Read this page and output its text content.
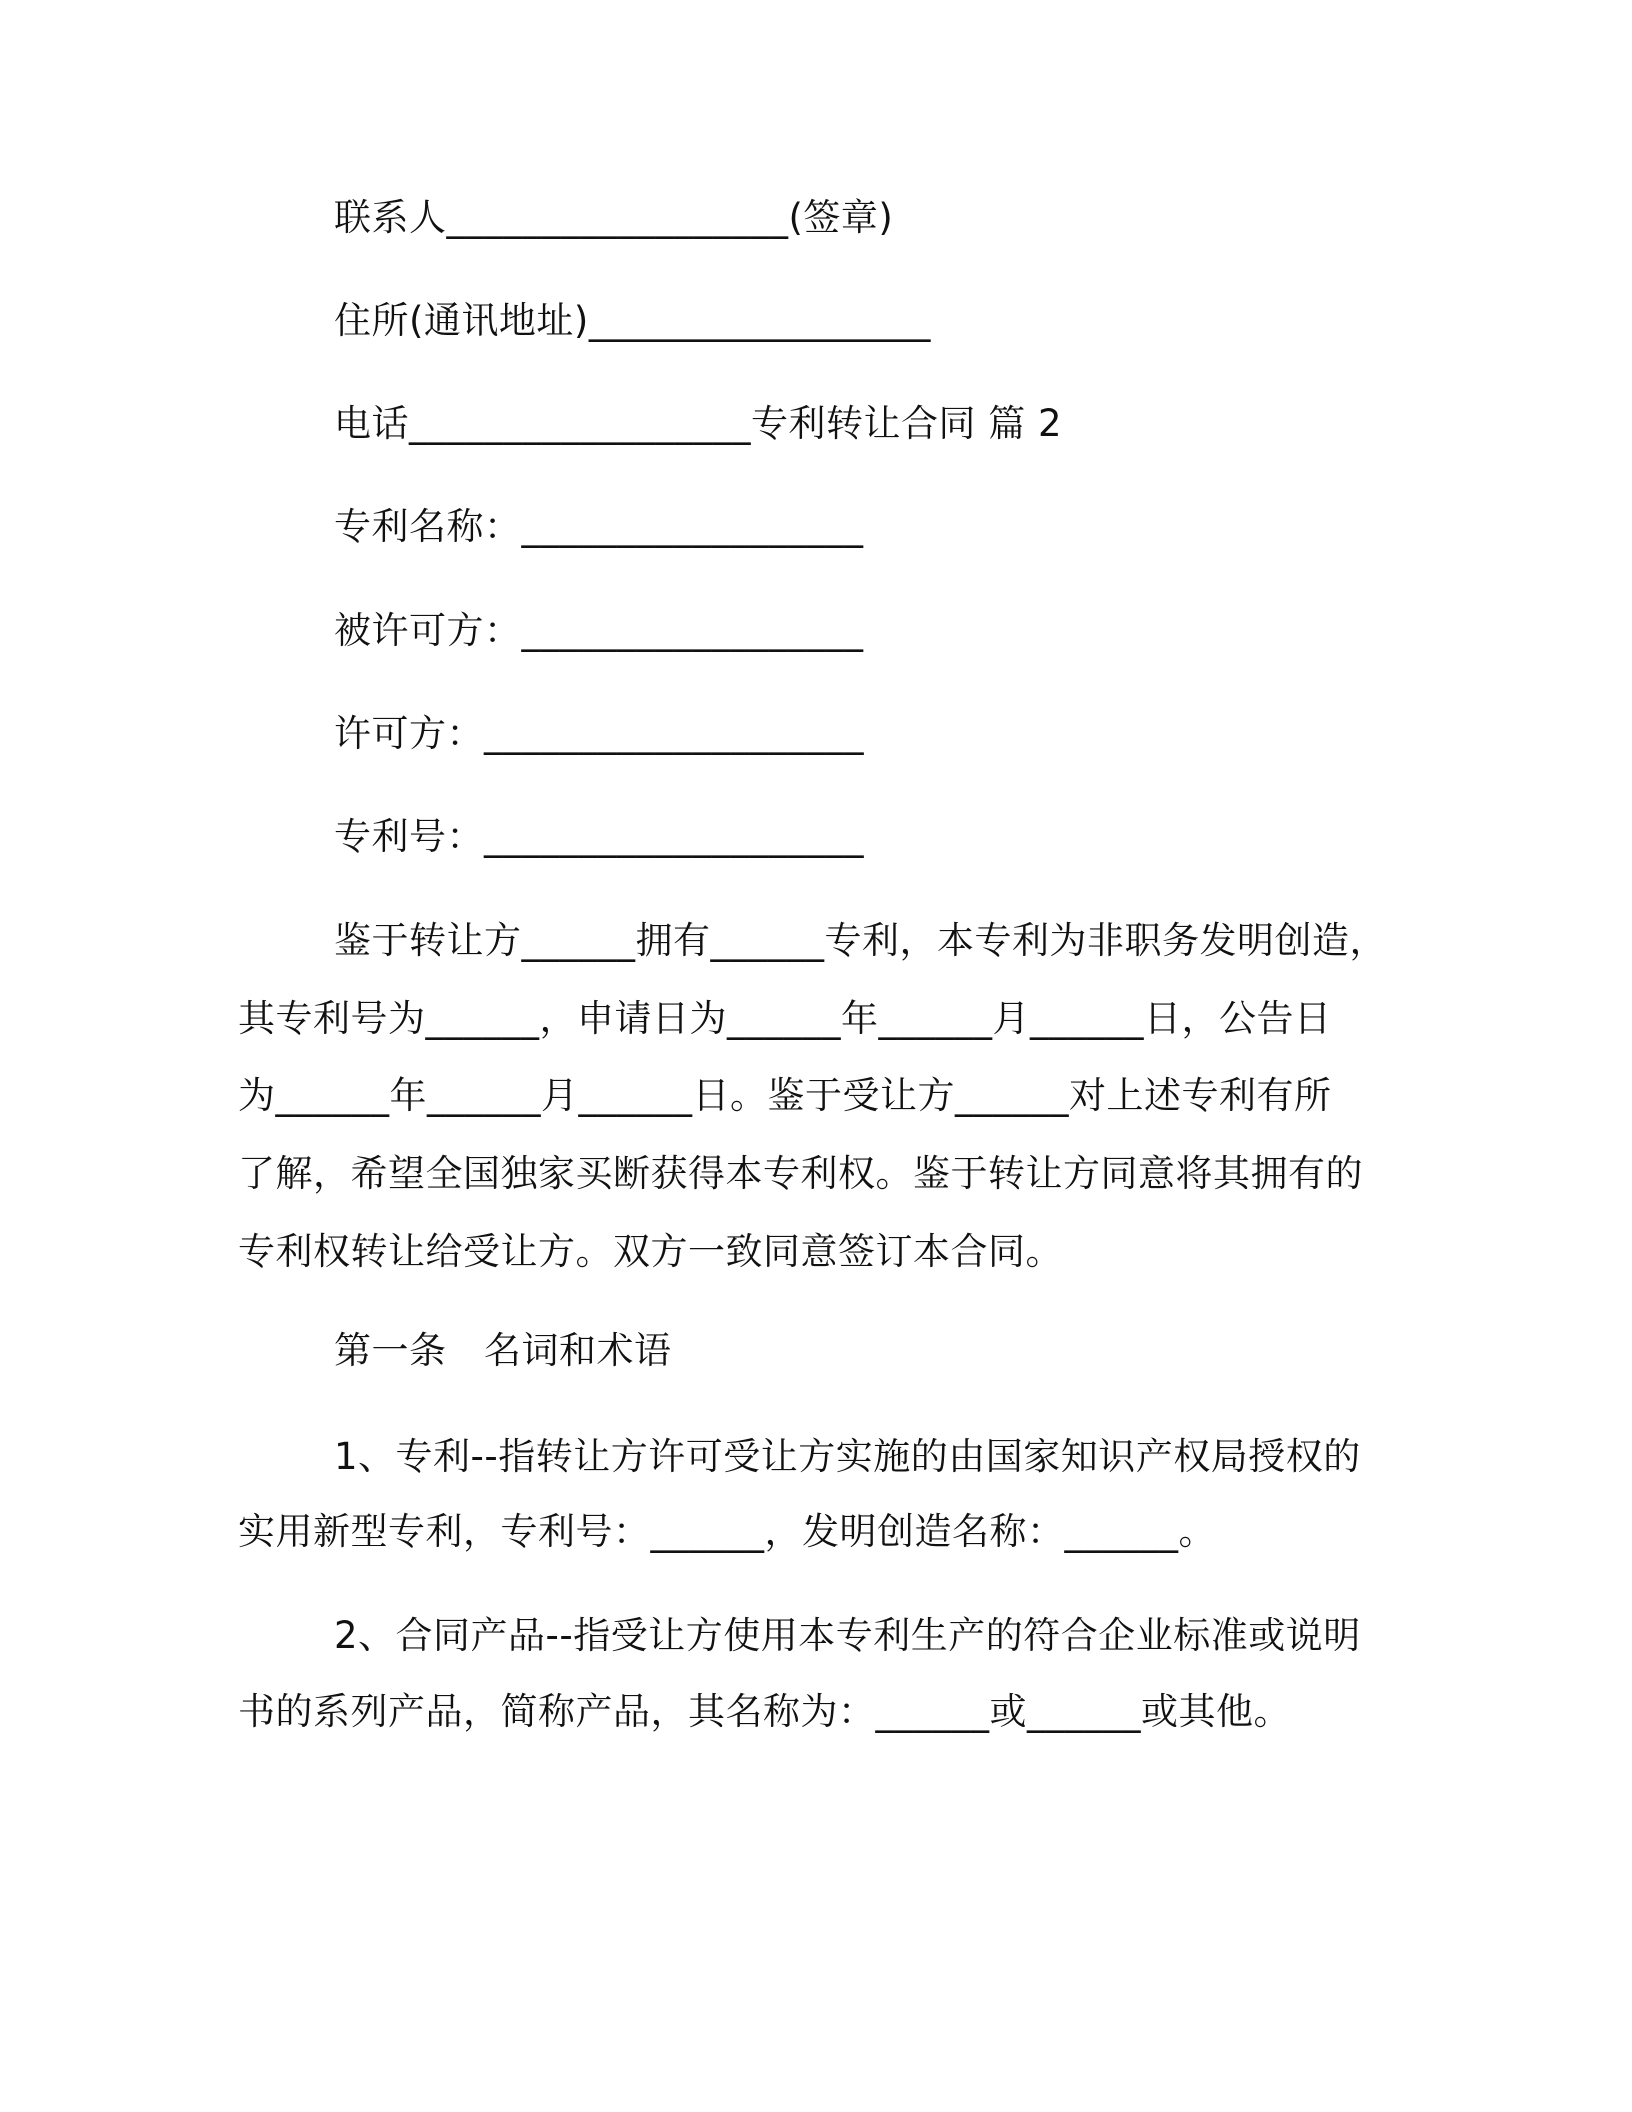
联系人__________________(签章)
住所(通讯地址)__________________
电话__________________专利转让合同 篇 2
专利名称：__________________
被许可方：__________________
许可方：____________________
专利号：____________________
鉴于转让方______拥有______专利，本专利为非职务发明创造，
其专利号为______，申请日为______年______月______日，公告日
为______年______月______日。鉴于受让方______对上述专利有所
了解，希望全国独家买断获得本专利权。鉴于转让方同意将其拥有的
专利权转让给受让方。双方一致同意签订本合同。
第一条　名词和术语
1、专利--指转让方许可受让方实施的由国家知识产权局授权的
实用新型专利，专利号：______，发明创造名称：______。
2、合同产品--指受让方使用本专利生产的符合企业标准或说明
书的系列产品，简称产品，其名称为：______或______或其他。
